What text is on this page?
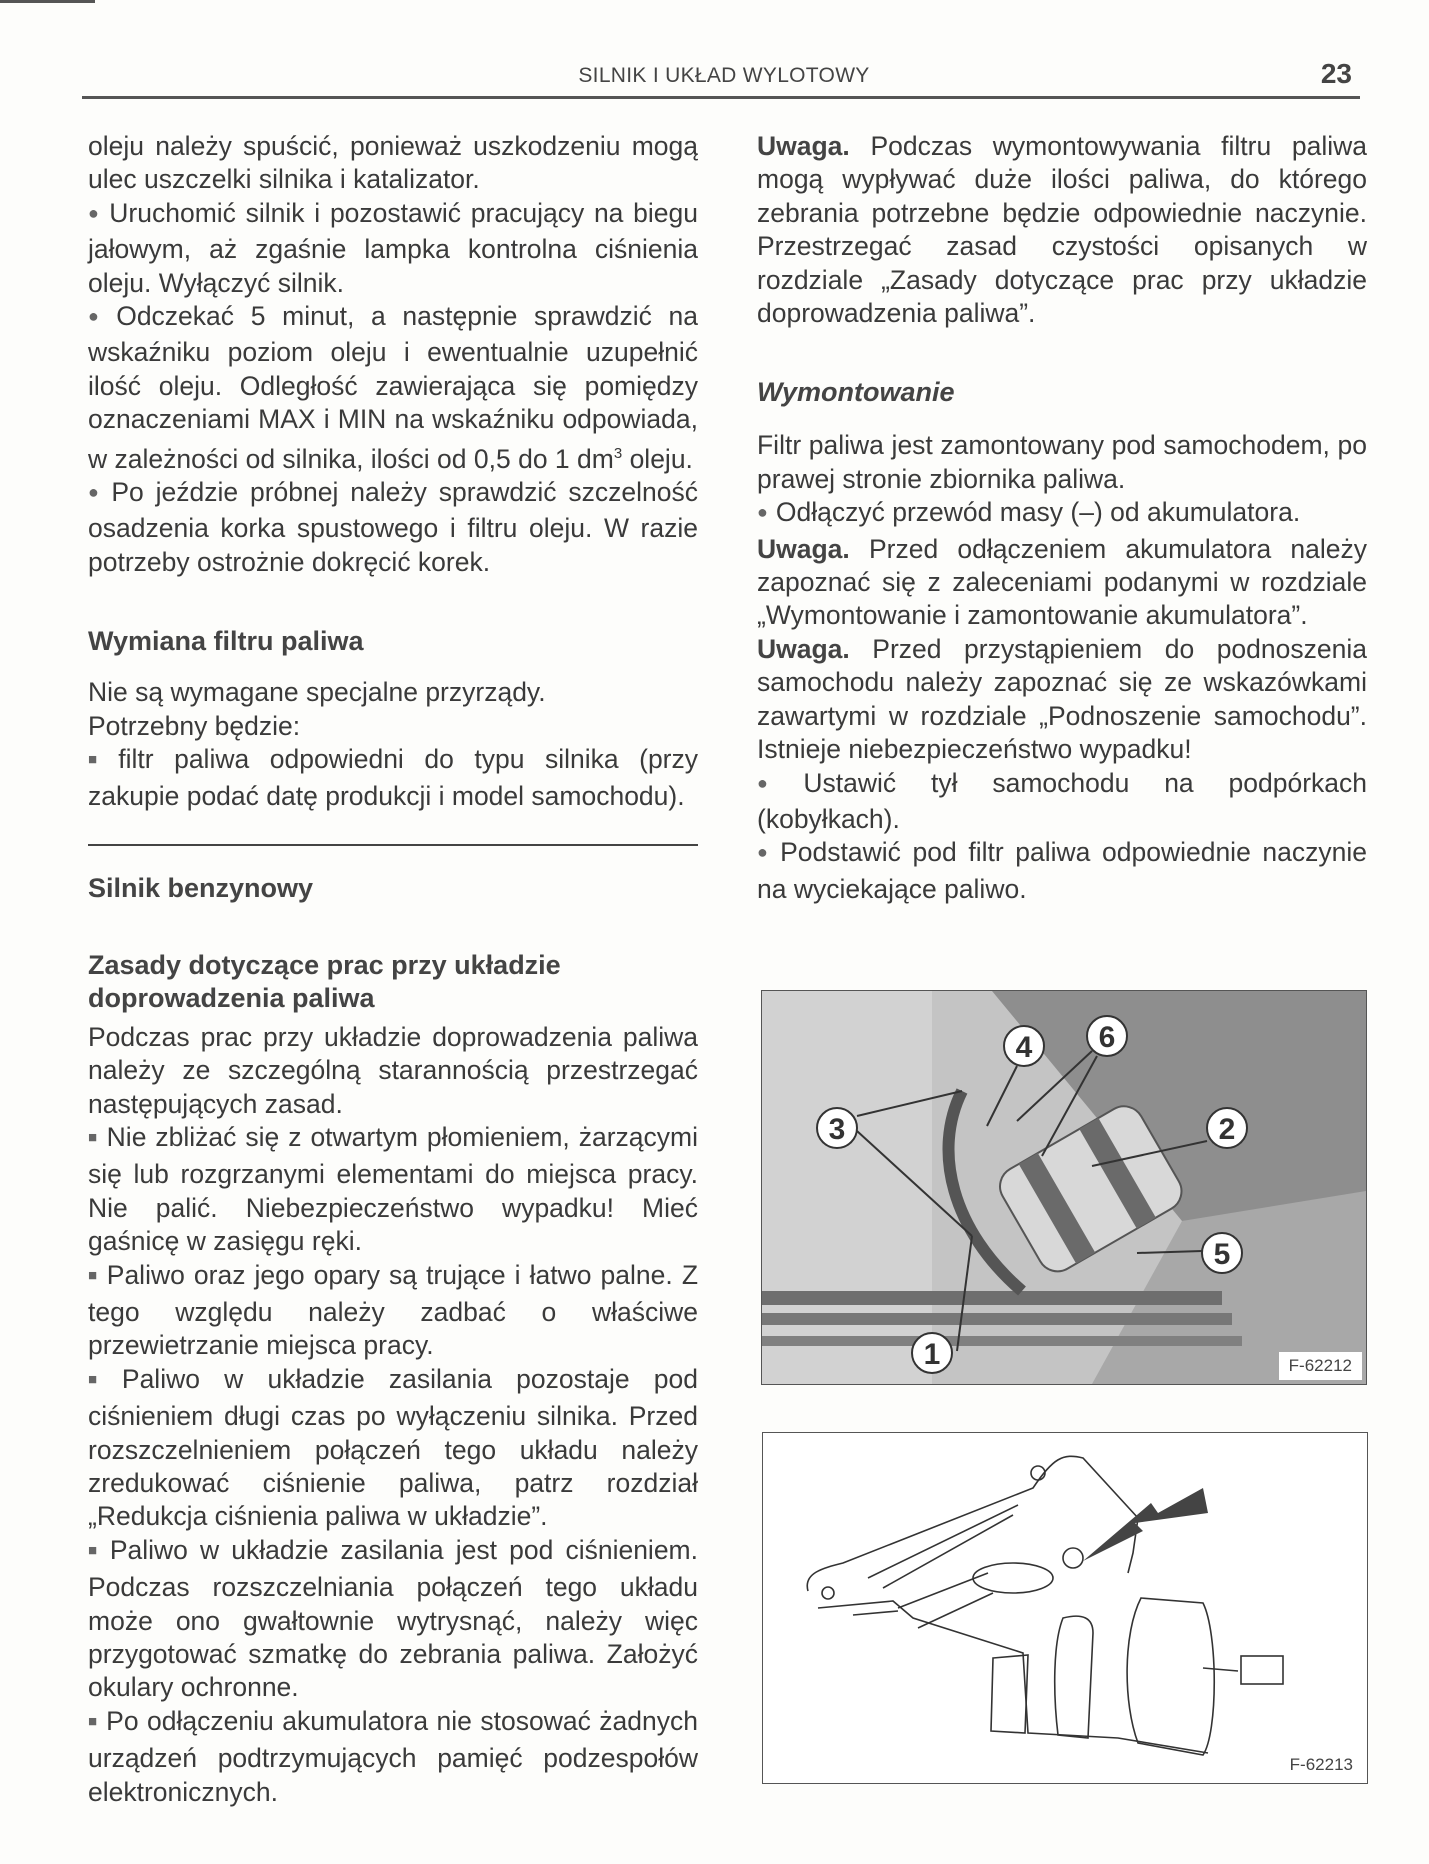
SILNIK I UKŁAD WYLOTOWY	23

oleju należy spuścić, ponieważ uszkodzeniu mogą ulec uszczelki silnika i katalizator.

● Uruchomić silnik i pozostawić pracujący na biegu jałowym, aż zgaśnie lampka kontrolna ciśnienia oleju. Wyłączyć silnik.

● Odczekać 5 minut, a następnie sprawdzić na wskaźniku poziom oleju i ewentualnie uzupełnić ilość oleju. Odległość zawierająca się pomiędzy oznaczeniami MAX i MIN na wskaźniku odpowiada, w zależności od silnika, ilości od 0,5 do 1 $dm^3$ oleju.

● Po jeździe próbnej należy sprawdzić szczelność osadzenia korka spustowego i filtru oleju. W razie potrzeby ostrożnie dokręcić korek.

Wymiana filtru paliwa

Nie są wymagane specjalne przyrządy.

Potrzebny będzie:

■ filtr paliwa odpowiedni do typu silnika (przy zakupie podać datę produkcji i model samochodu).

Silnik benzynowy
Zasady dotyczące prac przy układzie doprowadzenia paliwa

Podczas prac przy układzie doprowadzenia paliwa należy ze szczególną starannością przestrzegać następujących zasad.

■ Nie zbliżać się z otwartym płomieniem, żarzącymi się lub rozgrzanymi elementami do miejsca pracy. Nie palić. Niebezpieczeństwo wypadku! Mieć gaśnicę w zasięgu ręki.

■ Paliwo oraz jego opary są trujące i łatwo palne. Z tego względu należy zadbać o właściwe przewietrzanie miejsca pracy.

■ Paliwo w układzie zasilania pozostaje pod ciśnieniem długi czas po wyłączeniu silnika. Przed rozszczelnieniem połączeń tego układu należy zredukować ciśnienie paliwa, patrz rozdział „Redukcja ciśnienia paliwa w układzie”.

■ Paliwo w układzie zasilania jest pod ciśnieniem. Podczas rozszczelniania połączeń tego układu może ono gwałtownie wytrysnąć, należy więc przygotować szmatkę do zebrania paliwa. Założyć okulary ochronne.

■ Po odłączeniu akumulatora nie stosować żadnych urządzeń podtrzymujących pamięć podzespołów elektronicznych.

Uwaga. Podczas wymontowywania filtru paliwa mogą wypływać duże ilości paliwa, do którego zebrania potrzebne będzie odpowiednie naczynie. Przestrzegać zasad czystości opisanych w rozdziale „Zasady dotyczące prac przy układzie doprowadzenia paliwa”.

Wymontowanie

Filtr paliwa jest zamontowany pod samochodem, po prawej stronie zbiornika paliwa.

● Odłączyć przewód masy (–) od akumulatora.

Uwaga. Przed odłączeniem akumulatora należy zapoznać się z zaleceniami podanymi w rozdziale „Wymontowanie i zamontowanie akumulatora”.

Uwaga. Przed przystąpieniem do podnoszenia samochodu należy zapoznać się ze wskazówkami zawartymi w rozdziale „Podnoszenie samochodu”. Istnieje niebezpieczeństwo wypadku!

● Ustawić tył samochodu na podpórkach (kobyłkach).

● Podstawić pod filtr paliwa odpowiednie naczynie na wyciekające paliwo.

1
2
3
4
5
6
F-62212
F-62213
